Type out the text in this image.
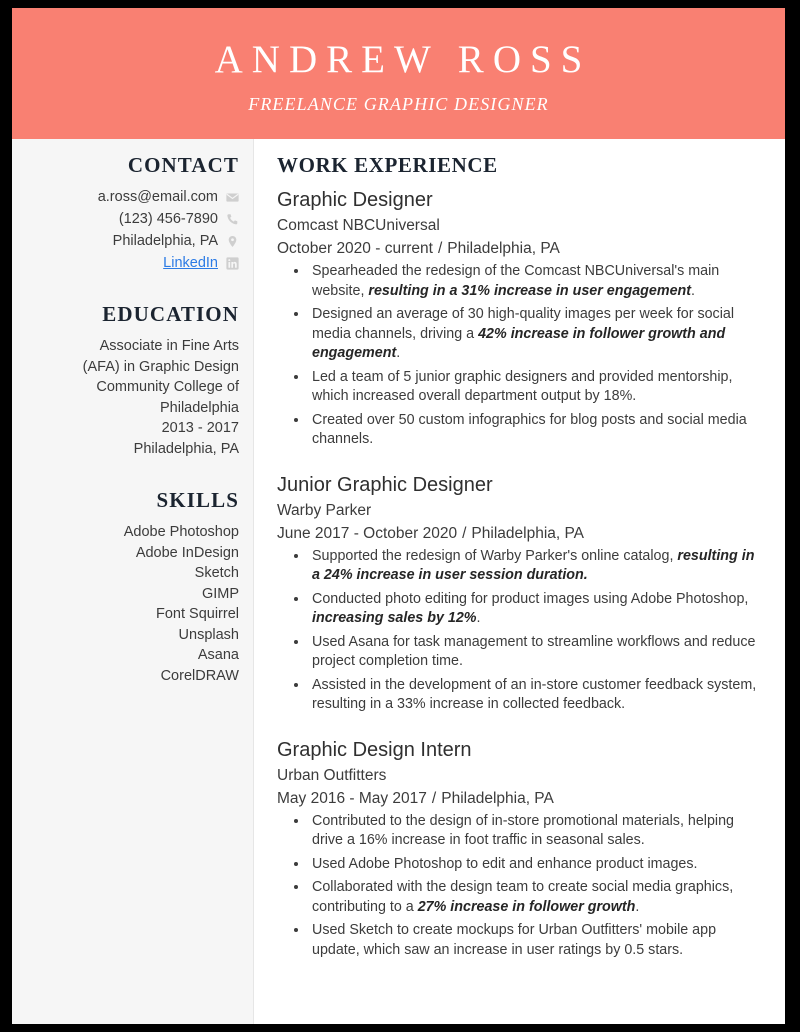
ANDREW ROSS
FREELANCE GRAPHIC DESIGNER
CONTACT
a.ross@email.com
(123) 456-7890
Philadelphia, PA
LinkedIn
EDUCATION
Associate in Fine Arts
(AFA) in Graphic Design
Community College of
Philadelphia
2013 - 2017
Philadelphia, PA
SKILLS
Adobe Photoshop
Adobe InDesign
Sketch
GIMP
Font Squirrel
Unsplash
Asana
CorelDRAW
WORK EXPERIENCE
Graphic Designer
Comcast NBCUniversal
October 2020 - current / Philadelphia, PA
• Spearheaded the redesign of the Comcast NBCUniversal's main website, resulting in a 31% increase in user engagement.
• Designed an average of 30 high-quality images per week for social media channels, driving a 42% increase in follower growth and engagement.
• Led a team of 5 junior graphic designers and provided mentorship, which increased overall department output by 18%.
• Created over 50 custom infographics for blog posts and social media channels.
Junior Graphic Designer
Warby Parker
June 2017 - October 2020 / Philadelphia, PA
• Supported the redesign of Warby Parker's online catalog, resulting in a 24% increase in user session duration.
• Conducted photo editing for product images using Adobe Photoshop, increasing sales by 12%.
• Used Asana for task management to streamline workflows and reduce project completion time.
• Assisted in the development of an in-store customer feedback system, resulting in a 33% increase in collected feedback.
Graphic Design Intern
Urban Outfitters
May 2016 - May 2017 / Philadelphia, PA
• Contributed to the design of in-store promotional materials, helping drive a 16% increase in foot traffic in seasonal sales.
• Used Adobe Photoshop to edit and enhance product images.
• Collaborated with the design team to create social media graphics, contributing to a 27% increase in follower growth.
• Used Sketch to create mockups for Urban Outfitters' mobile app update, which saw an increase in user ratings by 0.5 stars.
